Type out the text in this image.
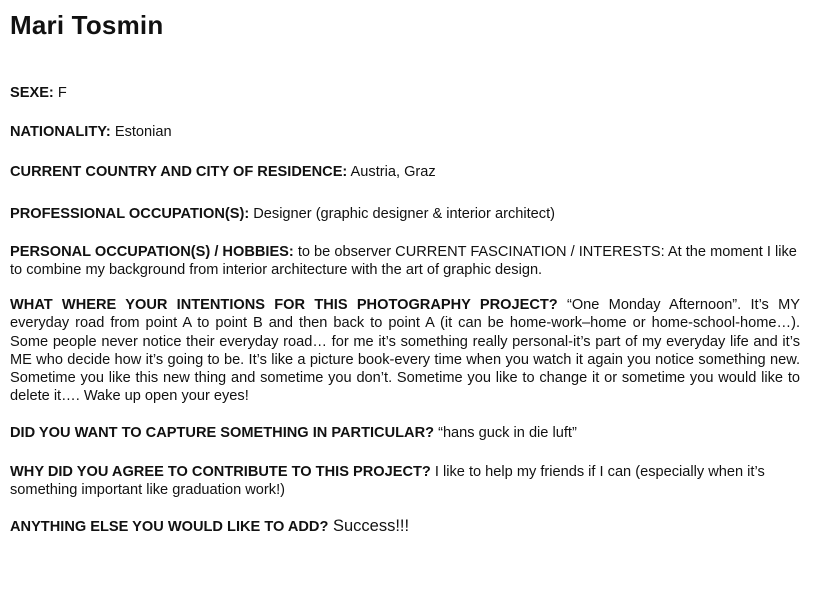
Mari Tosmin

SEXE: F

NATIONALITY: Estonian

CURRENT COUNTRY AND CITY OF RESIDENCE: Austria, Graz

PROFESSIONAL OCCUPATION(S): Designer (graphic designer & interior architect)

PERSONAL OCCUPATION(S) / HOBBIES: to be observer CURRENT FASCINATION / INTERESTS: At the moment I like to combine my background from interior architecture with the art of graphic design.

WHAT WHERE YOUR INTENTIONS FOR THIS PHOTOGRAPHY PROJECT? “One Monday Afternoon”. It’s MY everyday road from point A to point B and then back to point A (it can be home-work–home or home-school-home…). Some people never notice their everyday road… for me it’s something really personal-it’s part of my everyday life and it’s ME who decide how it’s going to be. It’s like a picture book-every time when you watch it again you notice something new. Sometime you like this new thing and sometime you don’t. Sometime you like to change it or sometime you would like to delete it…. Wake up open your eyes!

DID YOU WANT TO CAPTURE SOMETHING IN PARTICULAR? “hans guck in die luft”

WHY DID YOU AGREE TO CONTRIBUTE TO THIS PROJECT? I like to help my friends if I can (especially when it’s something important like graduation work!)

ANYTHING ELSE YOU WOULD LIKE TO ADD? Success!!!
